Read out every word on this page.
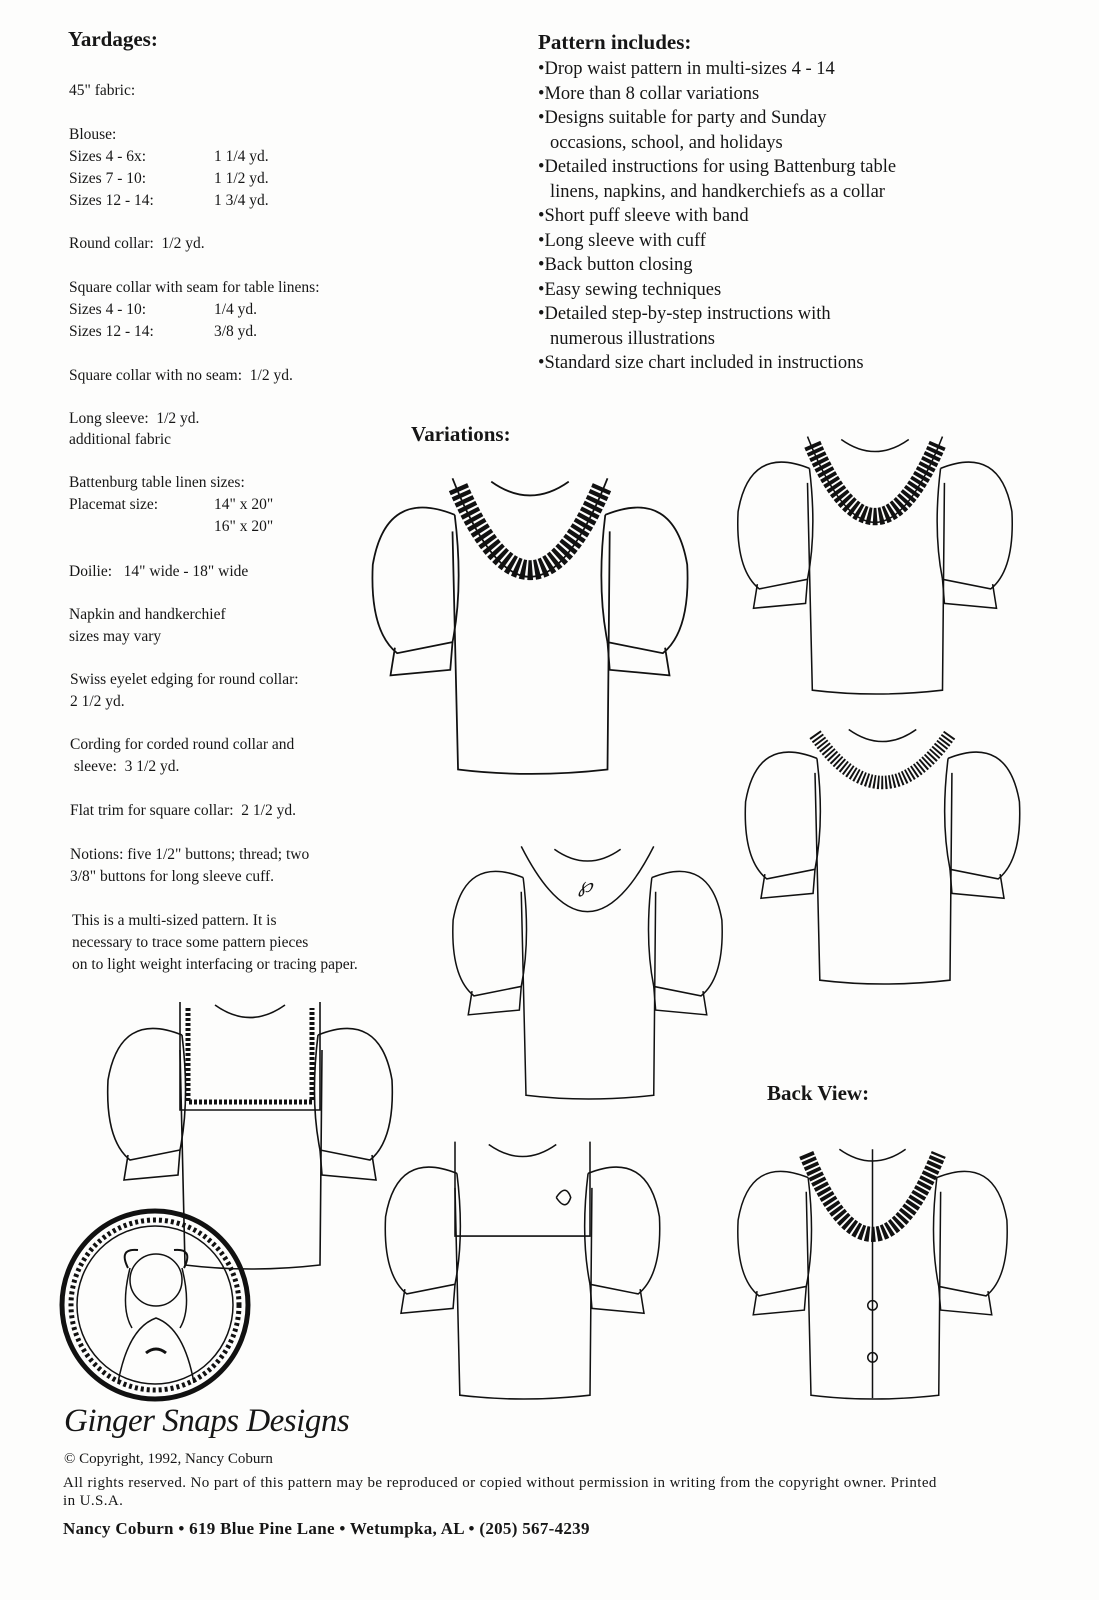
Yardages:
45" fabric:
Blouse:
Sizes 4 - 6x:	1 1/4 yd.
Sizes 7 - 10:	1 1/2 yd.
Sizes 12 - 14:	1 3/4 yd.
Round collar:  1/2 yd.
Square collar with seam for table linens:
Sizes 4 - 10:	1/4 yd.
Sizes 12 - 14:	3/8 yd.
Square collar with no seam:  1/2 yd.
Long sleeve:  1/2 yd.
additional fabric
Battenburg table linen sizes:
Placemat size:	14" x 20"
16" x 20"
Doilie:   14" wide - 18" wide
Napkin and handkerchief
sizes may vary
Swiss eyelet edging for round collar:
2 1/2 yd.
Cording for corded round collar and
sleeve:  3 1/2 yd.
Flat trim for square collar:  2 1/2 yd.
Notions: five 1/2" buttons; thread; two
3/8" buttons for long sleeve cuff.
This is a multi-sized pattern. It is
necessary to trace some pattern pieces
on to light weight interfacing or tracing paper.
Pattern includes:
• Drop waist pattern in multi-sizes 4 - 14
• More than 8 collar variations
• Designs suitable for party and Sunday occasions, school, and holidays
• Detailed instructions for using Battenburg table linens, napkins, and handkerchiefs as a collar
• Short puff sleeve with band
• Long sleeve with cuff
• Back button closing
• Easy sewing techniques
• Detailed step-by-step instructions with numerous illustrations
• Standard size chart included in instructions
Variations:
Back View:
℘
Ginger Snaps Designs
© Copyright, 1992, Nancy Coburn
All rights reserved. No part of this pattern may be reproduced or copied without permission in writing from the copyright owner. Printed in U.S.A.
Nancy Coburn • 619 Blue Pine Lane • Wetumpka, AL • (205) 567-4239
